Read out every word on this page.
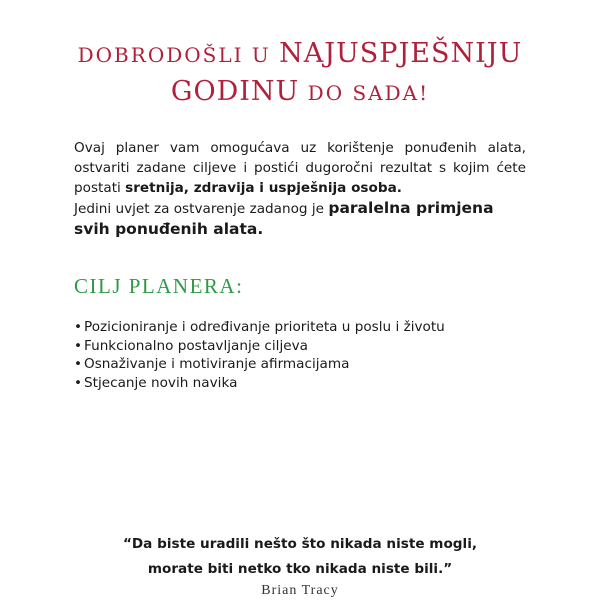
DOBRODOŠLI U NAJUSPJEŠNIJU
GODINU DO SADA!

Ovaj planer vam omogućava uz korištenje ponuđenih alata, ostvariti zadane ciljeve i postići dugoročni rezultat s kojim ćete postati sretnija, zdravija i uspješnija osoba.

Jedini uvjet za ostvarenje zadanog je paralelna primjena svih ponuđenih alata.

CILJ PLANERA:
• Pozicioniranje i određivanje prioriteta u poslu i životu
• Funkcionalno postavljanje ciljeva
• Osnaživanje i motiviranje afirmacijama
• Stjecanje novih navika
“Da biste uradili nešto što nikada niste mogli,
morate biti netko tko nikada niste bili.”
Brian Tracy
